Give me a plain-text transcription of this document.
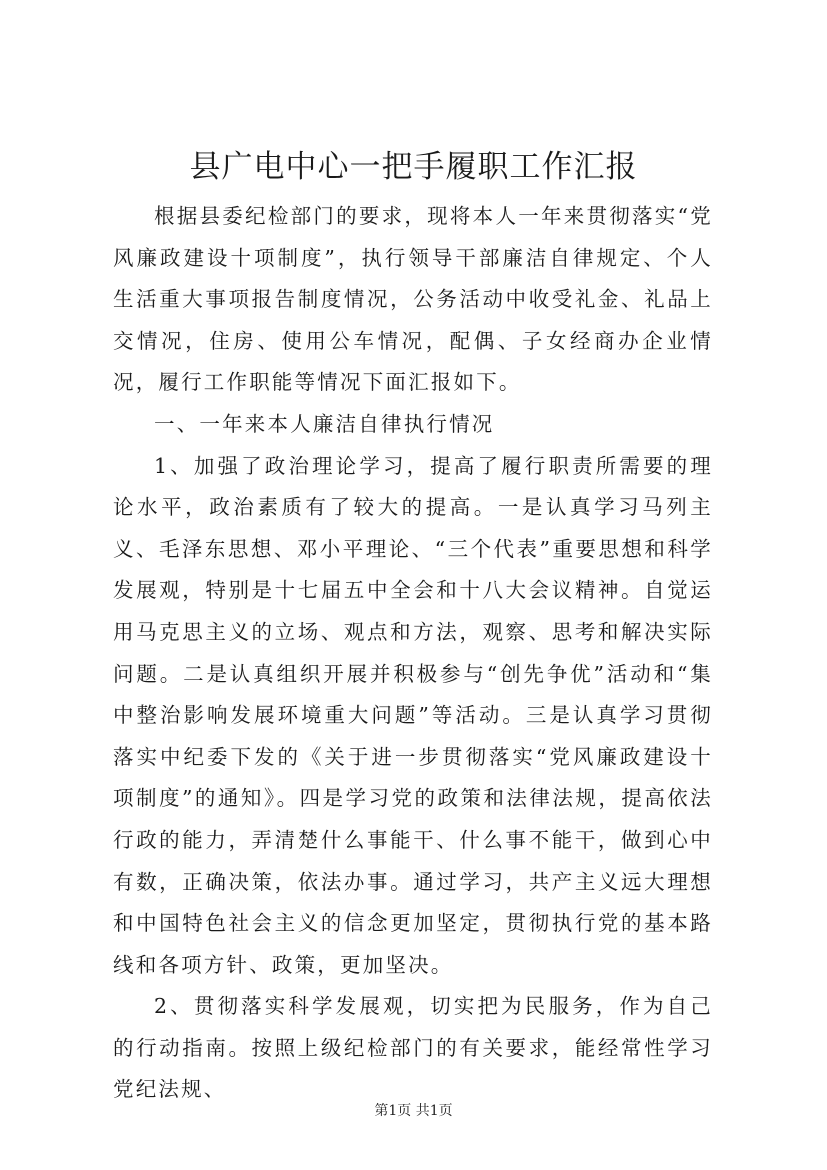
县广电中心一把手履职工作汇报

根据县委纪检部门的要求，现将本人一年来贯彻落实“党风廉政建设十项制度”，执行领导干部廉洁自律规定、个人生活重大事项报告制度情况，公务活动中收受礼金、礼品上交情况，住房、使用公车情况，配偶、子女经商办企业情况，履行工作职能等情况下面汇报如下。

一、一年来本人廉洁自律执行情况

1、加强了政治理论学习，提高了履行职责所需要的理论水平，政治素质有了较大的提高。一是认真学习马列主义、毛泽东思想、邓小平理论、“三个代表”重要思想和科学发展观，特别是十七届五中全会和十八大会议精神。自觉运用马克思主义的立场、观点和方法，观察、思考和解决实际问题。二是认真组织开展并积极参与“创先争优”活动和“集中整治影响发展环境重大问题”等活动。三是认真学习贯彻落实中纪委下发的《关于进一步贯彻落实“党风廉政建设十项制度”的通知》。四是学习党的政策和法律法规，提高依法行政的能力，弄清楚什么事能干、什么事不能干，做到心中有数，正确决策，依法办事。通过学习，共产主义远大理想和中国特色社会主义的信念更加坚定，贯彻执行党的基本路线和各项方针、政策，更加坚决。

2、贯彻落实科学发展观，切实把为民服务，作为自己的行动指南。按照上级纪检部门的有关要求，能经常性学习党纪法规、

第1页 共1页
